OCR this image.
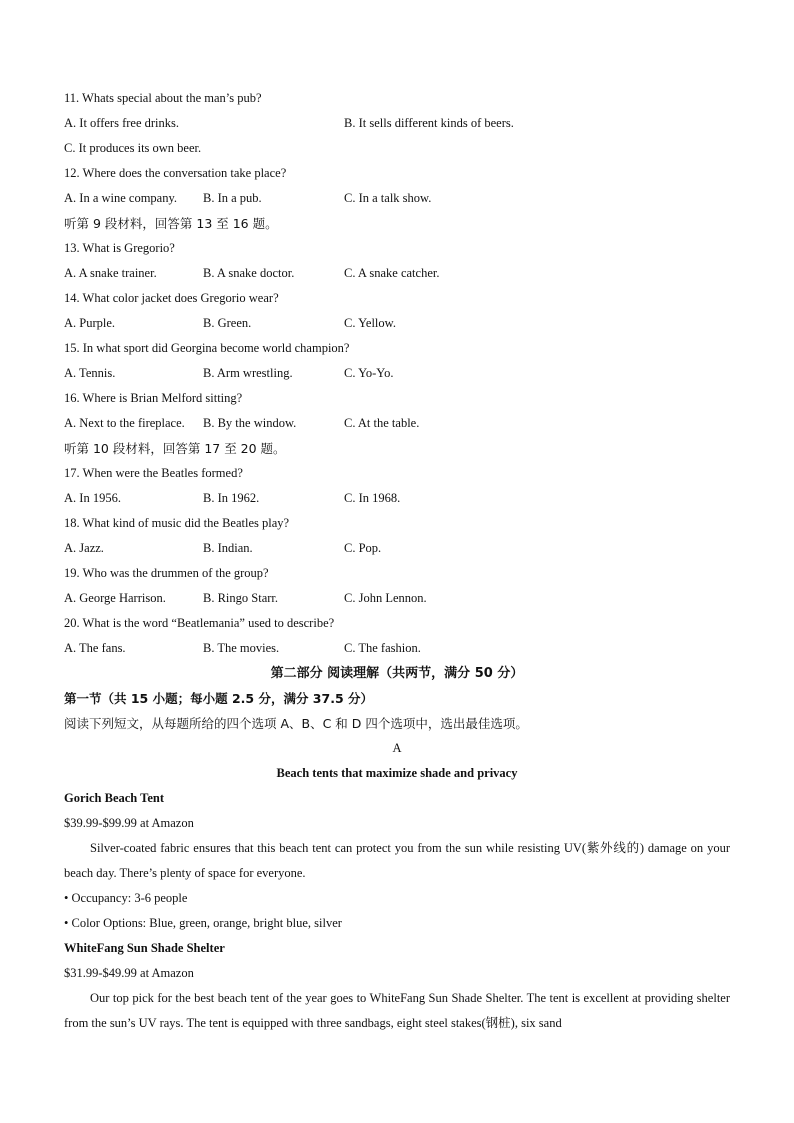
11. Whats special about the man’s pub?
A. It offers free drinks.	B. It sells different kinds of beers.
C. It produces its own beer.
12. Where does the conversation take place?
A. In a wine company. B. In a pub.	C. In a talk show.
听第 9 段材料，回答第 13 至 16 题。
13. What is Gregorio?
A. A snake trainer.	B. A snake doctor.	C. A snake catcher.
14. What color jacket does Gregorio wear?
A. Purple.	B. Green.	C. Yellow.
15. In what sport did Georgina become world champion?
A. Tennis.	B. Arm wrestling.	C. Yo-Yo.
16. Where is Brian Melford sitting?
A. Next to the fireplace. B. By the window.	C. At the table.
听第 10 段材料，回答第 17 至 20 题。
17. When were the Beatles formed?
A. In 1956.	B. In 1962.	C. In 1968.
18. What kind of music did the Beatles play?
A. Jazz.	B. Indian.	C. Pop.
19. Who was the drummen of the group?
A. George Harrison.	B. Ringo Starr.	C. John Lennon.
20. What is the word “Beatlemania” used to describe?
A. The fans.	B. The movies.	C. The fashion.
第二部分 阅读理解（共两节，满分 50 分）
第一节（共 15 小题；每小题 2.5 分，满分 37.5 分）
阅读下列短文，从每题所给的四个选项 A、B、C 和 D 四个选项中，选出最佳选项。
A
Beach tents that maximize shade and privacy
Gorich Beach Tent
$39.99-$99.99 at Amazon
Silver-coated fabric ensures that this beach tent can protect you from the sun while resisting UV(紫外线的) damage on your beach day. There’s plenty of space for everyone.
• Occupancy: 3-6 people
• Color Options: Blue, green, orange, bright blue, silver
WhiteFang Sun Shade Shelter
$31.99-$49.99 at Amazon
Our top pick for the best beach tent of the year goes to WhiteFang Sun Shade Shelter. The tent is excellent at providing shelter from the sun’s UV rays. The tent is equipped with three sandbags, eight steel stakes(钢桩), six sand
